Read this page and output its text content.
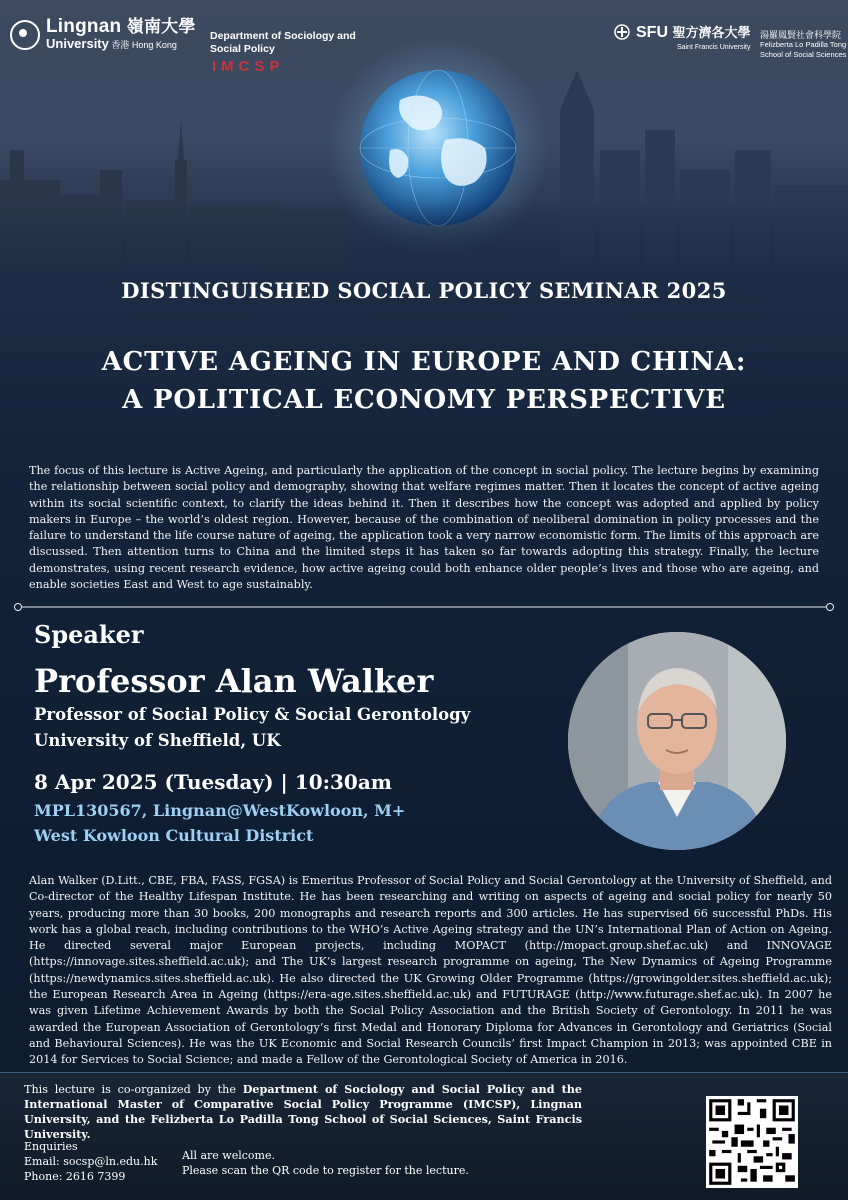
Lingnan 嶺南大學
University 香港 Hong Kong
Department of Sociology and
Social Policy
IMCSP
SFU 聖方濟各大學
Saint Francis University
湯羅鳳賢社會科學院
Felizberta Lo Padilla Tong
School of Social Sciences
DISTINGUISHED SOCIAL POLICY SEMINAR 2025
ACTIVE AGEING IN EUROPE AND CHINA:
A POLITICAL ECONOMY PERSPECTIVE
The focus of this lecture is Active Ageing, and particularly the application of the concept in social policy. The lecture begins by examining the relationship between social policy and demography, showing that welfare regimes matter. Then it locates the concept of active ageing within its social scientific context, to clarify the ideas behind it. Then it describes how the concept was adopted and applied by policy makers in Europe – the world’s oldest region. However, because of the combination of neoliberal domination in policy processes and the failure to understand the life course nature of ageing, the application took a very narrow economistic form. The limits of this approach are discussed. Then attention turns to China and the limited steps it has taken so far towards adopting this strategy. Finally, the lecture demonstrates, using recent research evidence, how active ageing could both enhance older people’s lives and those who are ageing, and enable societies East and West to age sustainably.
Speaker
Professor Alan Walker
Professor of Social Policy & Social Gerontology
University of Sheffield, UK
8 Apr 2025 (Tuesday) | 10:30am
MPL130567, Lingnan@WestKowloon, M+
West Kowloon Cultural District
Alan Walker (D.Litt., CBE, FBA, FASS, FGSA) is Emeritus Professor of Social Policy and Social Gerontology at the University of Sheffield, and Co-director of the Healthy Lifespan Institute. He has been researching and writing on aspects of ageing and social policy for nearly 50 years, producing more than 30 books, 200 monographs and research reports and 300 articles. He has supervised 66 successful PhDs. His work has a global reach, including contributions to the WHO’s Active Ageing strategy and the UN’s International Plan of Action on Ageing. He directed several major European projects, including MOPACT (http://mopact.group.shef.ac.uk) and INNOVAGE (https://innovage.sites.sheffield.ac.uk); and The UK’s largest research programme on ageing, The New Dynamics of Ageing Programme (https://newdynamics.sites.sheffield.ac.uk). He also directed the UK Growing Older Programme (https://growingolder.sites.sheffield.ac.uk); the European Research Area in Ageing (https://era-age.sites.sheffield.ac.uk) and FUTURAGE (http://www.futurage.shef.ac.uk). In 2007 he was given Lifetime Achievement Awards by both the Social Policy Association and the British Society of Gerontology. In 2011 he was awarded the European Association of Gerontology’s first Medal and Honorary Diploma for Advances in Gerontology and Geriatrics (Social and Behavioural Sciences). He was the UK Economic and Social Research Councils’ first Impact Champion in 2013; was appointed CBE in 2014 for Services to Social Science; and made a Fellow of the Gerontological Society of America in 2016.
This lecture is co-organized by the Department of Sociology and Social Policy and the International Master of Comparative Social Policy Programme (IMCSP), Lingnan University, and the Felizberta Lo Padilla Tong School of Social Sciences, Saint Francis University.
Enquiries
Email: socsp@ln.edu.hk
Phone: 2616 7399
All are welcome.
Please scan the QR code to register for the lecture.
